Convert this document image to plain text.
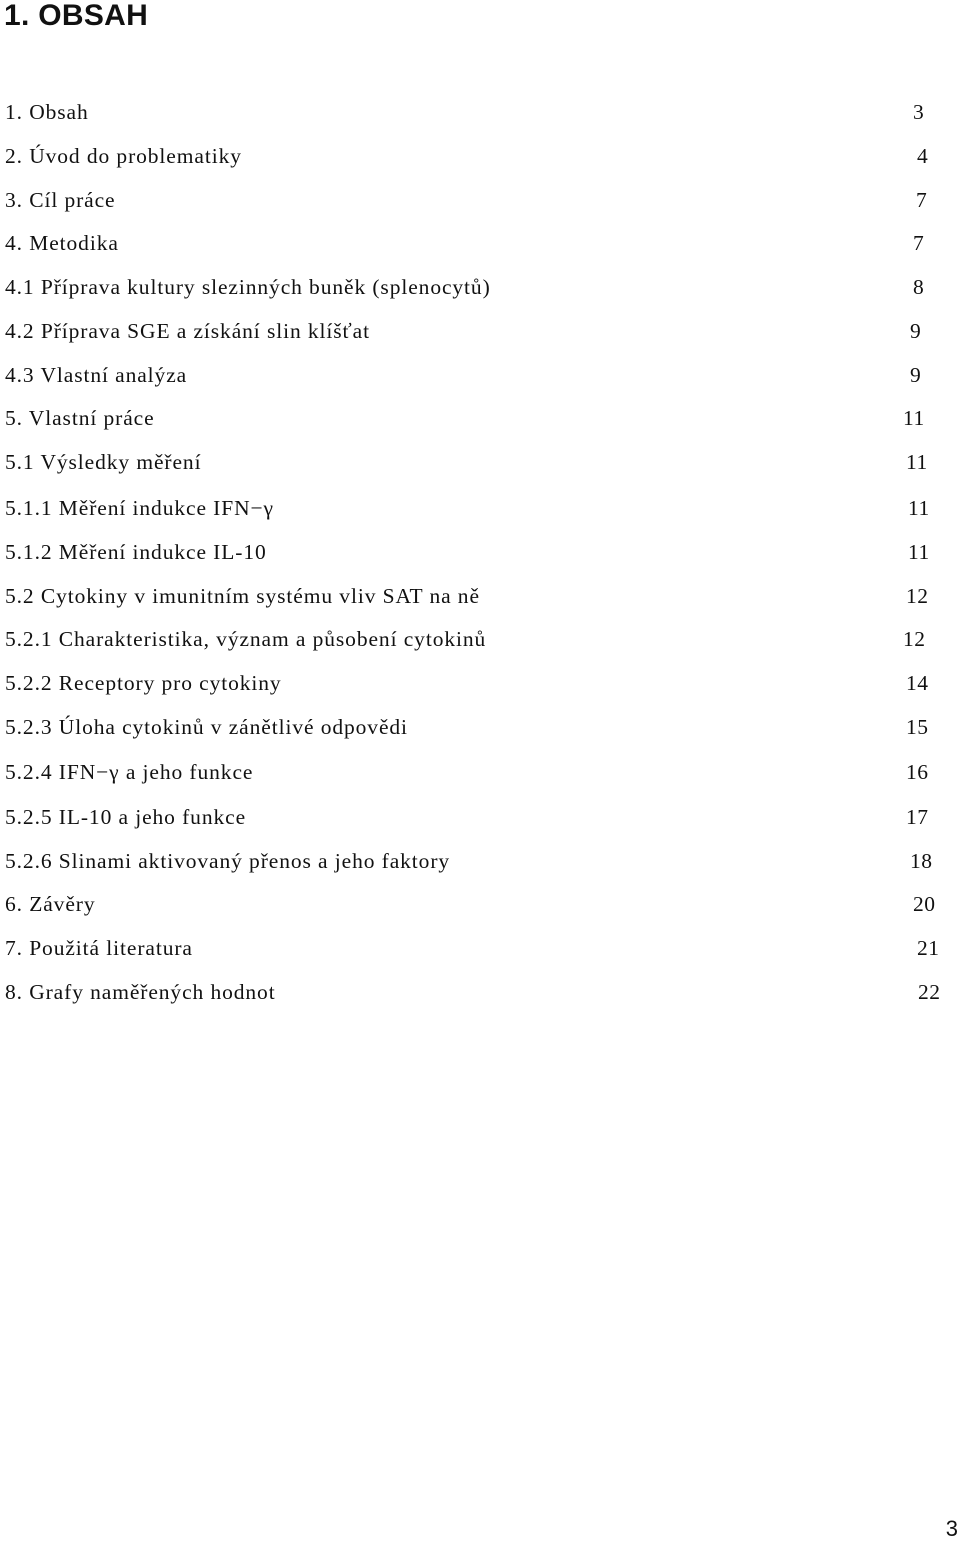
1. OBSAH
1. Obsah	3
2. Úvod do problematiky	4
3. Cíl práce	7
4. Metodika	7
4.1 Příprava kultury slezinných buněk (splenocytů)	8
4.2 Příprava SGE a získání slin klíšťat	9
4.3 Vlastní analýza	9
5. Vlastní práce	11
5.1 Výsledky měření	11
5.1.1 Měření indukce IFN−γ	11
5.1.2 Měření indukce IL-10	11
5.2 Cytokiny v imunitním systému vliv SAT na ně	12
5.2.1 Charakteristika, význam a působení cytokinů	12
5.2.2 Receptory pro cytokiny	14
5.2.3 Úloha cytokinů v zánětlivé odpovědi	15
5.2.4 IFN−γ a jeho funkce	16
5.2.5 IL-10 a jeho funkce	17
5.2.6 Slinami aktivovaný přenos a jeho faktory	18
6. Závěry	20
7. Použitá literatura	21
8. Grafy naměřených hodnot	22
3
